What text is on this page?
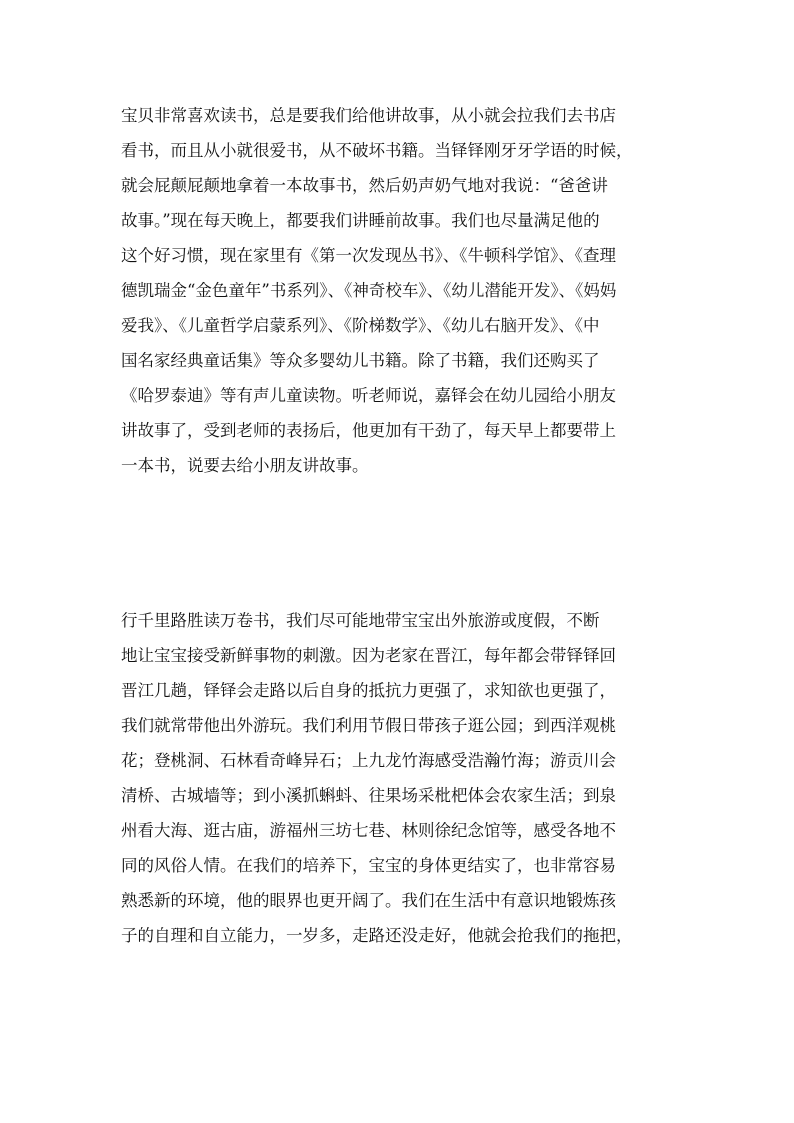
宝贝非常喜欢读书，总是要我们给他讲故事，从小就会拉我们去书店
看书，而且从小就很爱书，从不破坏书籍。当铎铎刚牙牙学语的时候，
就会屁颠屁颠地拿着一本故事书，然后奶声奶气地对我说：“爸爸讲
故事。”现在每天晚上，都要我们讲睡前故事。我们也尽量满足他的
这个好习惯，现在家里有《第一次发现丛书》、《牛顿科学馆》、《查理
德凯瑞金“金色童年”书系列》、《神奇校车》、《幼儿潜能开发》、《妈妈
爱我》、《儿童哲学启蒙系列》、《阶梯数学》、《幼儿右脑开发》、《中
国名家经典童话集》等众多婴幼儿书籍。除了书籍，我们还购买了
《哈罗泰迪》等有声儿童读物。听老师说，嘉铎会在幼儿园给小朋友
讲故事了，受到老师的表扬后，他更加有干劲了，每天早上都要带上
一本书，说要去给小朋友讲故事。
行千里路胜读万卷书，我们尽可能地带宝宝出外旅游或度假，不断
地让宝宝接受新鲜事物的刺激。因为老家在晋江，每年都会带铎铎回
晋江几趟，铎铎会走路以后自身的抵抗力更强了，求知欲也更强了，
我们就常带他出外游玩。我们利用节假日带孩子逛公园；到西洋观桃
花；登桃洞、石林看奇峰异石；上九龙竹海感受浩瀚竹海；游贡川会
清桥、古城墙等；到小溪抓蝌蚪、往果场采枇杷体会农家生活；到泉
州看大海、逛古庙，游福州三坊七巷、林则徐纪念馆等，感受各地不
同的风俗人情。在我们的培养下，宝宝的身体更结实了，也非常容易
熟悉新的环境，他的眼界也更开阔了。我们在生活中有意识地锻炼孩
子的自理和自立能力，一岁多，走路还没走好，他就会抢我们的拖把，
